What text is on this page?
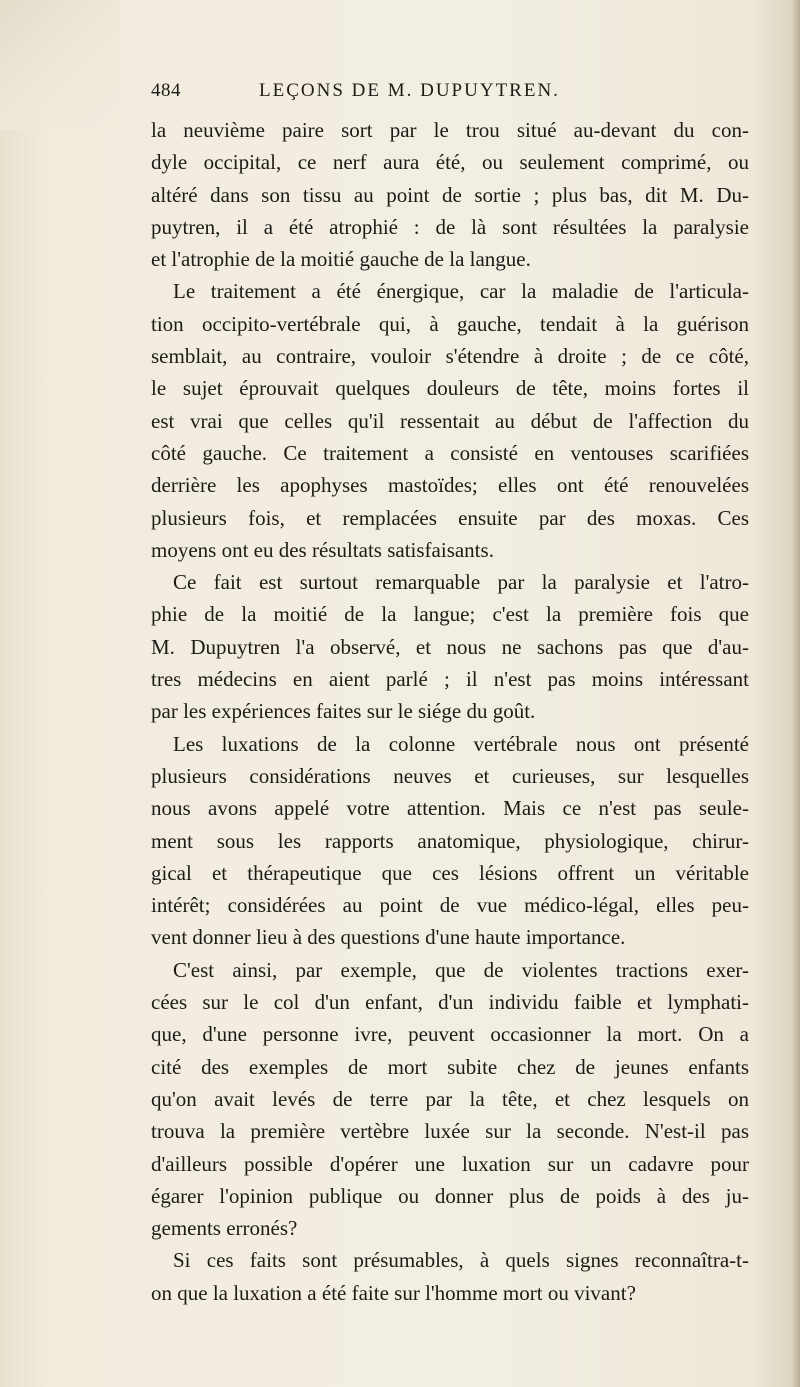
484	LEÇONS DE M. DUPUYTREN.
la neuvième paire sort par le trou situé au-devant du con-
dyle occipital, ce nerf aura été, ou seulement comprimé, ou
altéré dans son tissu au point de sortie ; plus bas, dit M. Du-
puytren, il a été atrophié : de là sont résultées la paralysie
et l'atrophie de la moitié gauche de la langue.
Le traitement a été énergique, car la maladie de l'articula-
tion occipito-vertébrale qui, à gauche, tendait à la guérison
semblait, au contraire, vouloir s'étendre à droite ; de ce côté,
le sujet éprouvait quelques douleurs de tête, moins fortes il
est vrai que celles qu'il ressentait au début de l'affection du
côté gauche. Ce traitement a consisté en ventouses scarifiées
derrière les apophyses mastoïdes; elles ont été renouvelées
plusieurs fois, et remplacées ensuite par des moxas. Ces
moyens ont eu des résultats satisfaisants.
Ce fait est surtout remarquable par la paralysie et l'atro-
phie de la moitié de la langue; c'est la première fois que
M. Dupuytren l'a observé, et nous ne sachons pas que d'au-
tres médecins en aient parlé ; il n'est pas moins intéressant
par les expériences faites sur le siége du goût.
Les luxations de la colonne vertébrale nous ont présenté
plusieurs considérations neuves et curieuses, sur lesquelles
nous avons appelé votre attention. Mais ce n'est pas seule-
ment sous les rapports anatomique, physiologique, chirur-
gical et thérapeutique que ces lésions offrent un véritable
intérêt; considérées au point de vue médico-légal, elles peu-
vent donner lieu à des questions d'une haute importance.
C'est ainsi, par exemple, que de violentes tractions exer-
cées sur le col d'un enfant, d'un individu faible et lymphati-
que, d'une personne ivre, peuvent occasionner la mort. On a
cité des exemples de mort subite chez de jeunes enfants
qu'on avait levés de terre par la tête, et chez lesquels on
trouva la première vertèbre luxée sur la seconde. N'est-il pas
d'ailleurs possible d'opérer une luxation sur un cadavre pour
égarer l'opinion publique ou donner plus de poids à des ju-
gements erronés?
Si ces faits sont présumables, à quels signes reconnaîtra-t-
on que la luxation a été faite sur l'homme mort ou vivant?
